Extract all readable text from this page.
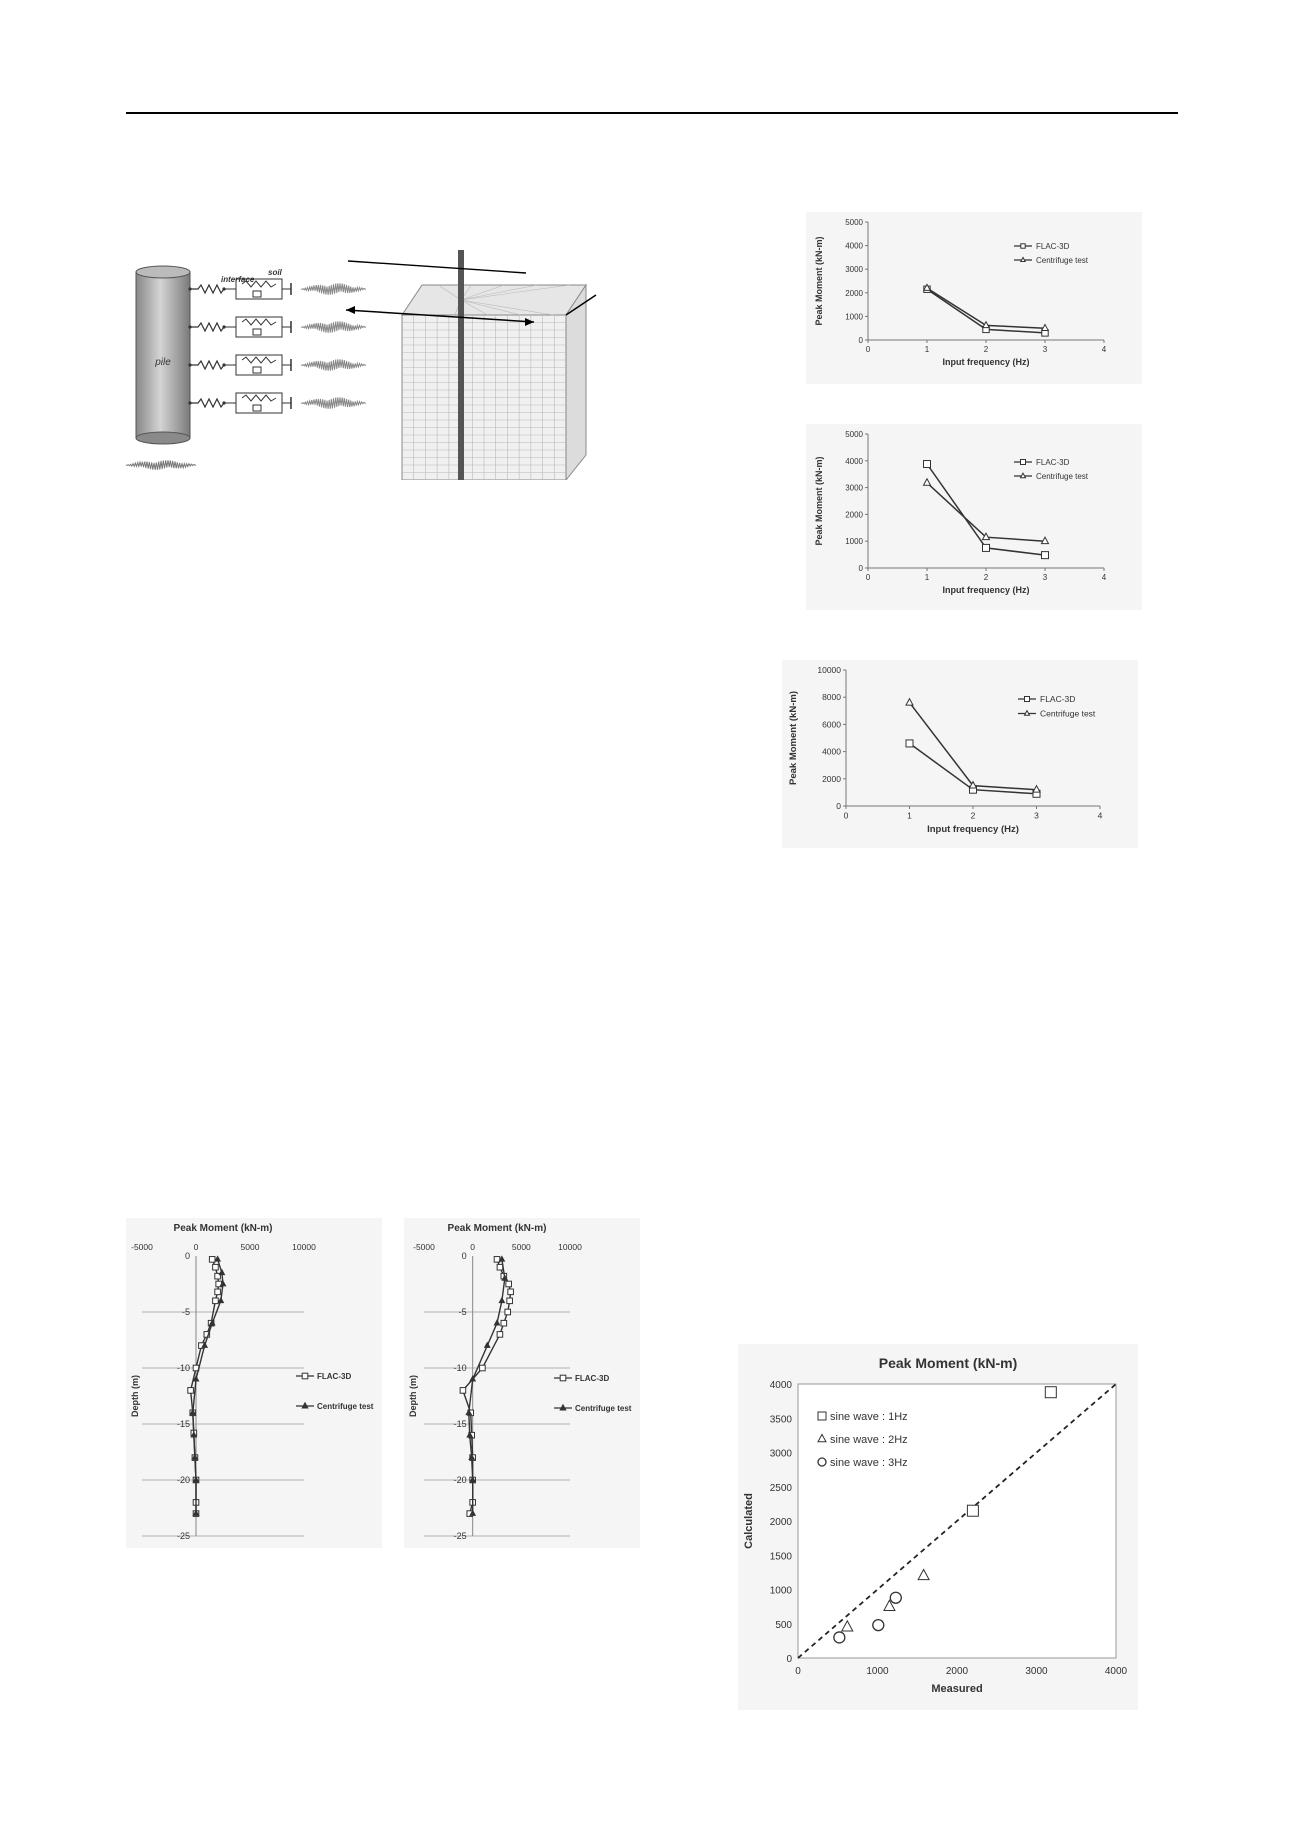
pile
interface
soil
0
1000
2000
3000
4000
5000
0	1	2	3	4
Input frequency (Hz)
Peak Moment (kN-m)	FLAC-3D
Centrifuge test
0
1000
2000
3000
4000
5000
0	1	2	3	4
Input frequency (Hz)
Peak Moment (kN-m)	FLAC-3D
Centrifuge test
0
2000
4000
6000
8000
10000
0	1	2	3	4
Input frequency (Hz)
Peak Moment (kN-m)	FLAC-3D
Centrifuge test
Peak Moment (kN-m)
0
-5
-10
-15
-20
-25
-5000	0	5000	10000
Depth (m)	FLAC-3D
Centrifuge test
Peak Moment (kN-m)
0
-5
-10
-15
-20
-25
-5000	0	5000	10000
Depth (m)	FLAC-3D
Centrifuge test
Peak Moment (kN-m)
0
500
1000
1500
2000
2500
3000
3500
4000
0	1000	2000	3000	4000
Measured
Calculated
sine wave : 1Hz
sine wave : 2Hz
sine wave : 3Hz
